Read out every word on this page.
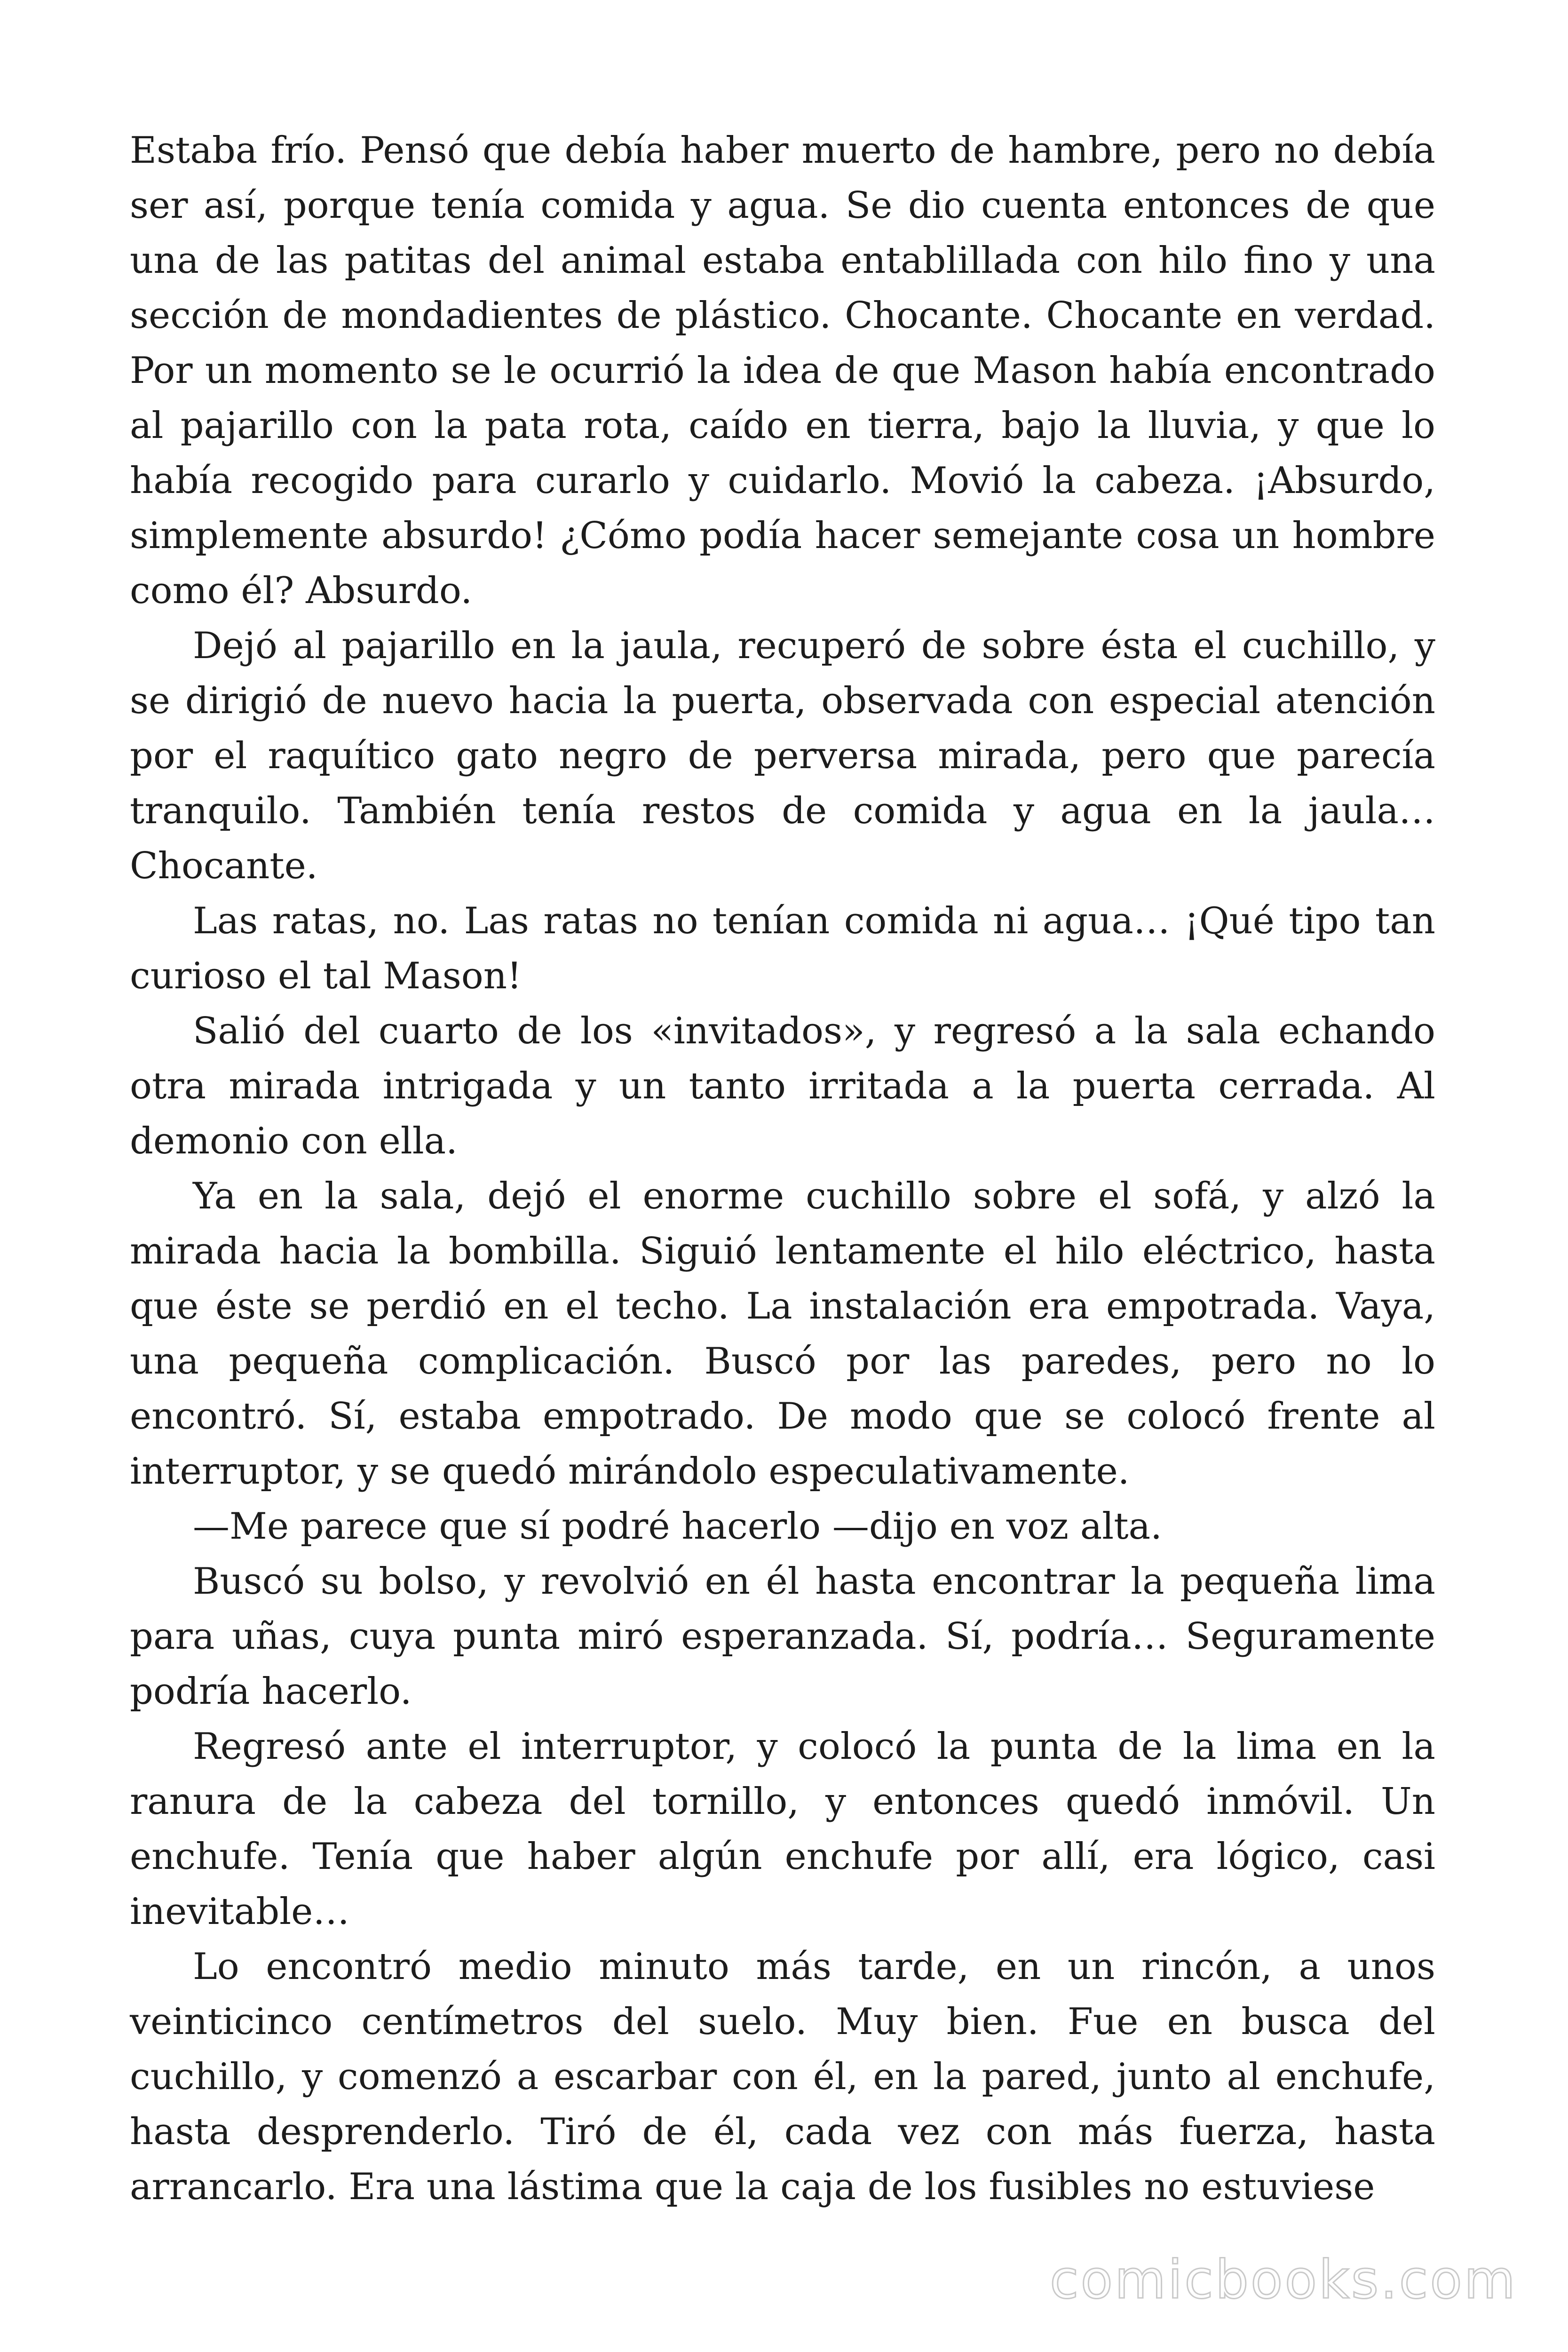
Estaba frío. Pensó que debía haber muerto de hambre, pero no debía ser así, porque tenía comida y agua. Se dio cuenta entonces de que una de las patitas del animal estaba entablillada con hilo fino y una sección de mondadientes de plástico. Chocante. Chocante en verdad. Por un momento se le ocurrió la idea de que Mason había encontrado al pajarillo con la pata rota, caído en tierra, bajo la lluvia, y que lo había recogido para curarlo y cuidarlo. Movió la cabeza. ¡Absurdo, simplemente absurdo! ¿Cómo podía hacer semejante cosa un hombre como él? Absurdo.

Dejó al pajarillo en la jaula, recuperó de sobre ésta el cuchillo, y se dirigió de nuevo hacia la puerta, observada con especial atención por el raquítico gato negro de perversa mirada, pero que parecía tranquilo. También tenía restos de comida y agua en la jaula… Chocante.

Las ratas, no. Las ratas no tenían comida ni agua… ¡Qué tipo tan curioso el tal Mason!

Salió del cuarto de los «invitados», y regresó a la sala echando otra mirada intrigada y un tanto irritada a la puerta cerrada. Al demonio con ella.

Ya en la sala, dejó el enorme cuchillo sobre el sofá, y alzó la mirada hacia la bombilla. Siguió lentamente el hilo eléctrico, hasta que éste se perdió en el techo. La instalación era empotrada. Vaya, una pequeña complicación. Buscó por las paredes, pero no lo encontró. Sí, estaba empotrado. De modo que se colocó frente al interruptor, y se quedó mirándolo especulativamente.

—Me parece que sí podré hacerlo —dijo en voz alta.

Buscó su bolso, y revolvió en él hasta encontrar la pequeña lima para uñas, cuya punta miró esperanzada. Sí, podría… Seguramente podría hacerlo.

Regresó ante el interruptor, y colocó la punta de la lima en la ranura de la cabeza del tornillo, y entonces quedó inmóvil. Un enchufe. Tenía que haber algún enchufe por allí, era lógico, casi inevitable…

Lo encontró medio minuto más tarde, en un rincón, a unos veinticinco centímetros del suelo. Muy bien. Fue en busca del cuchillo, y comenzó a escarbar con él, en la pared, junto al enchufe, hasta desprenderlo. Tiró de él, cada vez con más fuerza, hasta arrancarlo. Era una lástima que la caja de los fusibles no estuviese

comicbooks.com
